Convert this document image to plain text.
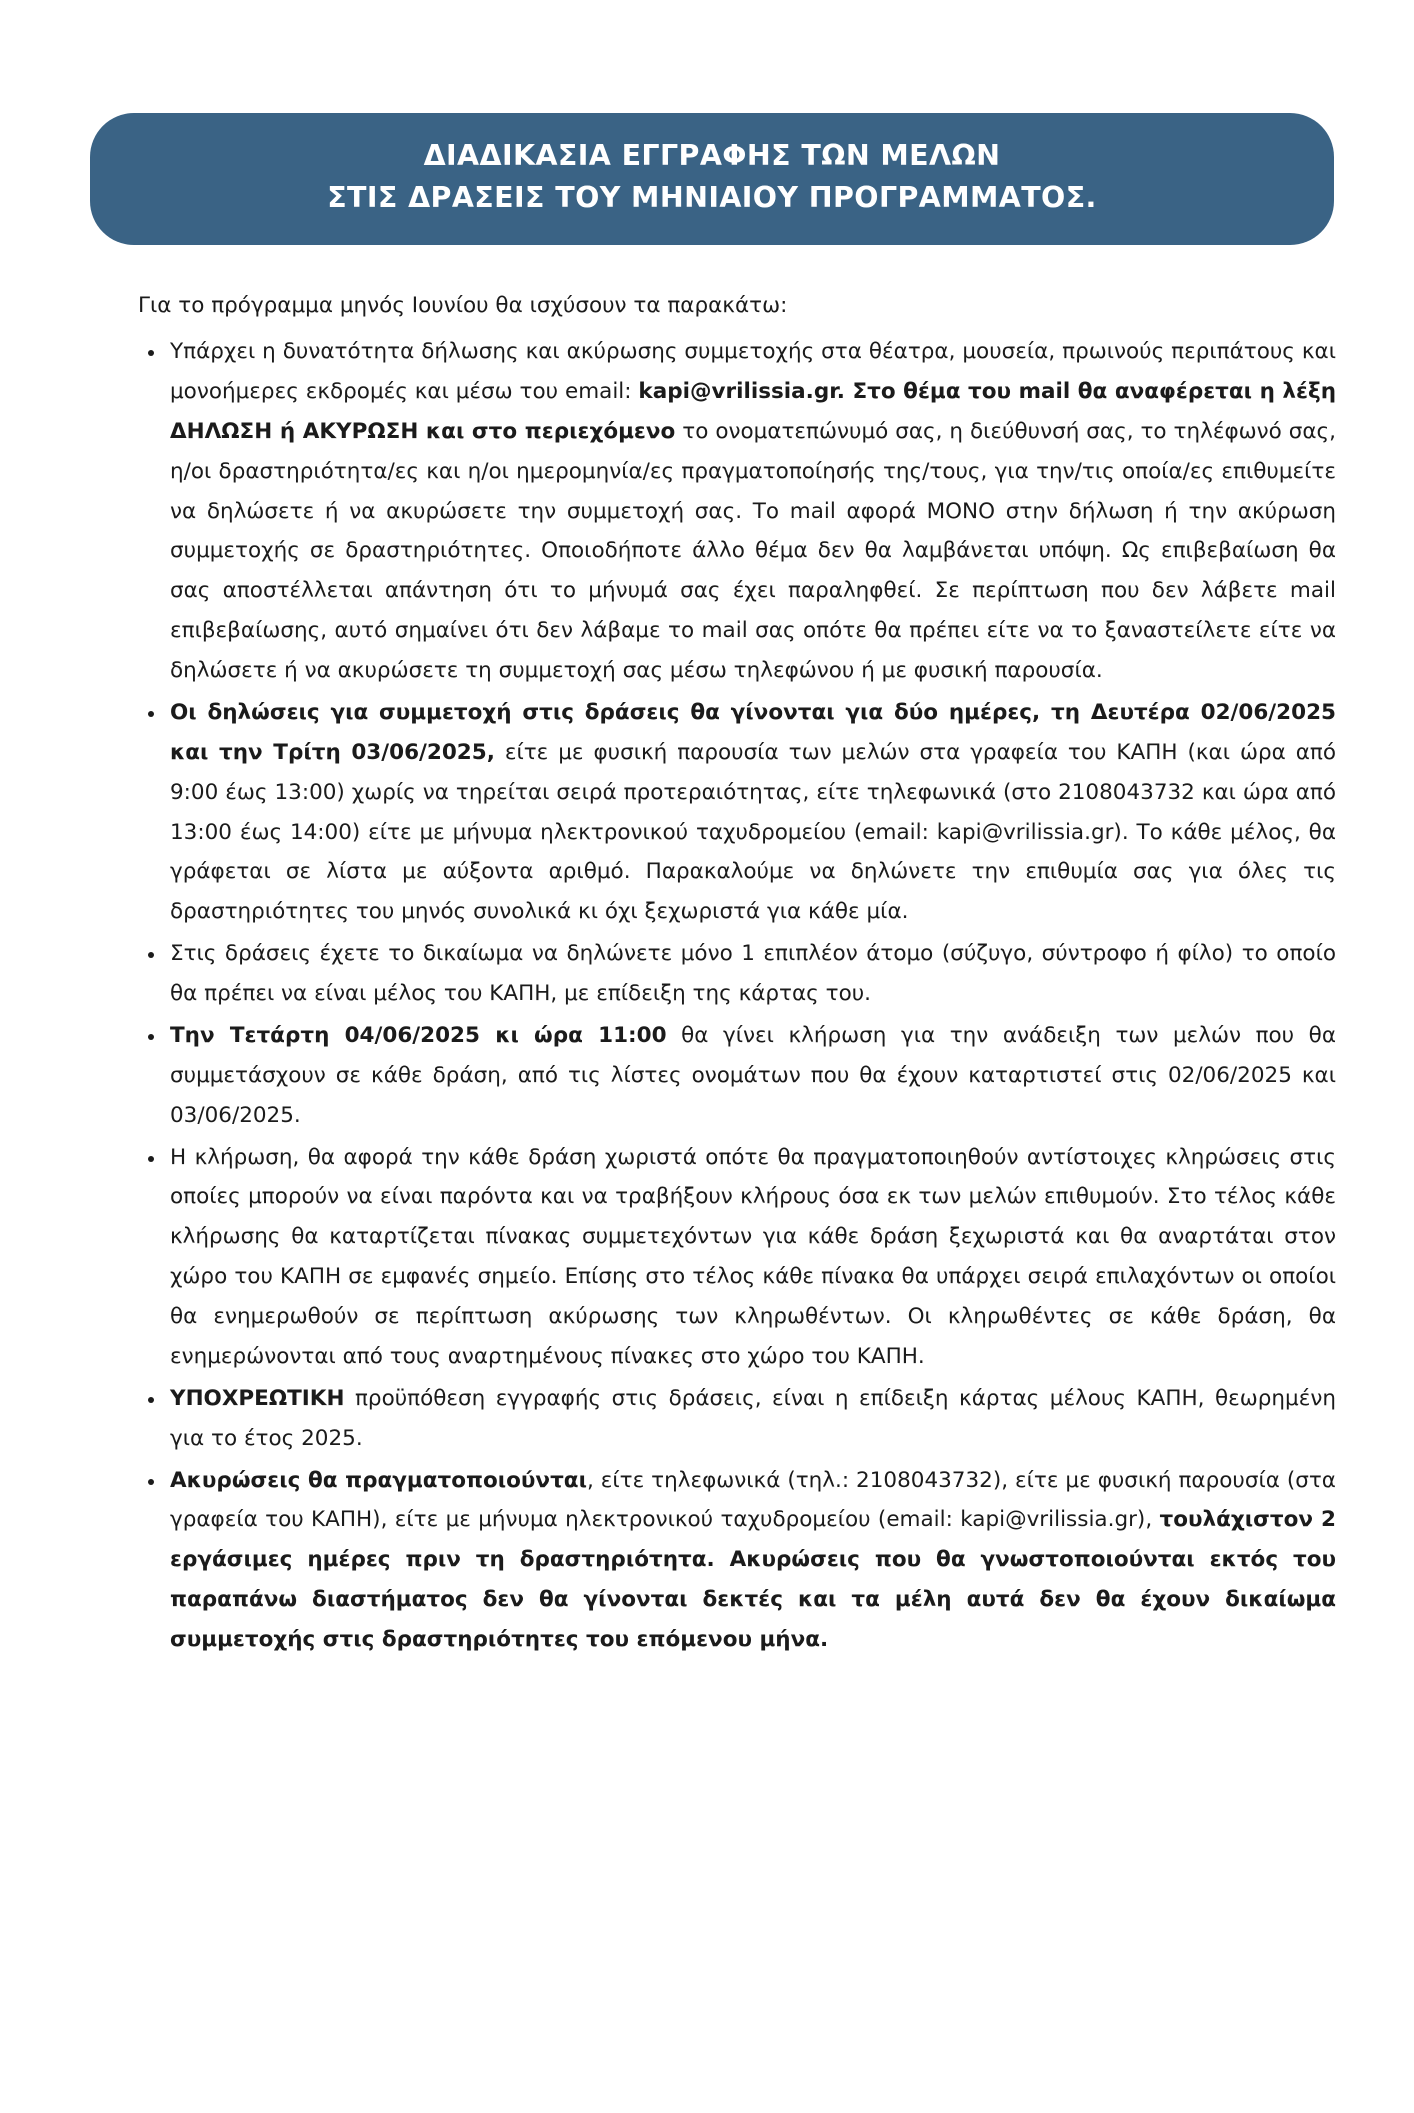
ΔΙΑΔΙΚΑΣΙΑ ΕΓΓΡΑΦΗΣ ΤΩΝ ΜΕΛΩΝ
ΣΤΙΣ ΔΡΑΣΕΙΣ ΤΟΥ ΜΗΝΙΑΙΟΥ ΠΡΟΓΡΑΜΜΑΤΟΣ.

Για το πρόγραμμα μηνός Ιουνίου θα ισχύσουν τα παρακάτω:

Υπάρχει η δυνατότητα δήλωσης και ακύρωσης συμμετοχής στα θέατρα, μουσεία, πρωινούς περιπάτους και μονοήμερες εκδρομές και μέσω του email: kapi@vrilissia.gr. Στο θέμα του mail θα αναφέρεται η λέξη ΔΗΛΩΣΗ ή ΑΚΥΡΩΣΗ και στο περιεχόμενο το ονοματεπώνυμό σας, η διεύθυνσή σας, το τηλέφωνό σας, η/οι δραστηριότητα/ες και η/οι ημερομηνία/ες πραγματοποίησής της/τους, για την/τις οποία/ες επιθυμείτε να δηλώσετε ή να ακυρώσετε την συμμετοχή σας. Το mail αφορά ΜΟΝΟ στην δήλωση ή την ακύρωση συμμετοχής σε δραστηριότητες. Οποιοδήποτε άλλο θέμα δεν θα λαμβάνεται υπόψη. Ως επιβεβαίωση θα σας αποστέλλεται απάντηση ότι το μήνυμά σας έχει παραληφθεί. Σε περίπτωση που δεν λάβετε mail επιβεβαίωσης, αυτό σημαίνει ότι δεν λάβαμε το mail σας οπότε θα πρέπει είτε να το ξαναστείλετε είτε να δηλώσετε ή να ακυρώσετε τη συμμετοχή σας μέσω τηλεφώνου ή με φυσική παρουσία.
Οι δηλώσεις για συμμετοχή στις δράσεις θα γίνονται για δύο ημέρες, τη Δευτέρα 02/06/2025 και την Τρίτη 03/06/2025, είτε με φυσική παρουσία των μελών στα γραφεία του ΚΑΠΗ (και ώρα από 9:00 έως 13:00) χωρίς να τηρείται σειρά προτεραιότητας, είτε τηλεφωνικά (στο 2108043732 και ώρα από 13:00 έως 14:00) είτε με μήνυμα ηλεκτρονικού ταχυδρομείου (email: kapi@vrilissia.gr). Το κάθε μέλος, θα γράφεται σε λίστα με αύξοντα αριθμό. Παρακαλούμε να δηλώνετε την επιθυμία σας για όλες τις δραστηριότητες του μηνός συνολικά κι όχι ξεχωριστά για κάθε μία.
Στις δράσεις έχετε το δικαίωμα να δηλώνετε μόνο 1 επιπλέον άτομο (σύζυγο, σύντροφο ή φίλο) το οποίο θα πρέπει να είναι μέλος του ΚΑΠΗ, με επίδειξη της κάρτας του.
Την Τετάρτη 04/06/2025 κι ώρα 11:00 θα γίνει κλήρωση για την ανάδειξη των μελών που θα συμμετάσχουν σε κάθε δράση, από τις λίστες ονομάτων που θα έχουν καταρτιστεί στις 02/06/2025 και 03/06/2025.
Η κλήρωση, θα αφορά την κάθε δράση χωριστά οπότε θα πραγματοποιηθούν αντίστοιχες κληρώσεις στις οποίες μπορούν να είναι παρόντα και να τραβήξουν κλήρους όσα εκ των μελών επιθυμούν. Στο τέλος κάθε κλήρωσης θα καταρτίζεται πίνακας συμμετεχόντων για κάθε δράση ξεχωριστά και θα αναρτάται στον χώρο του ΚΑΠΗ σε εμφανές σημείο. Επίσης στο τέλος κάθε πίνακα θα υπάρχει σειρά επιλαχόντων οι οποίοι θα ενημερωθούν σε περίπτωση ακύρωσης των κληρωθέντων. Οι κληρωθέντες σε κάθε δράση, θα ενημερώνονται από τους αναρτημένους πίνακες στο χώρο του ΚΑΠΗ.
ΥΠΟΧΡΕΩΤΙΚΗ προϋπόθεση εγγραφής στις δράσεις, είναι η επίδειξη κάρτας μέλους ΚΑΠΗ, θεωρημένη για το έτος 2025.
Ακυρώσεις θα πραγματοποιούνται, είτε τηλεφωνικά (τηλ.: 2108043732), είτε με φυσική παρουσία (στα γραφεία του ΚΑΠΗ), είτε με μήνυμα ηλεκτρονικού ταχυδρομείου (email: kapi@vrilissia.gr), τουλάχιστον 2 εργάσιμες ημέρες πριν τη δραστηριότητα. Ακυρώσεις που θα γνωστοποιούνται εκτός του παραπάνω διαστήματος δεν θα γίνονται δεκτές και τα μέλη αυτά δεν θα έχουν δικαίωμα συμμετοχής στις δραστηριότητες του επόμενου μήνα.
